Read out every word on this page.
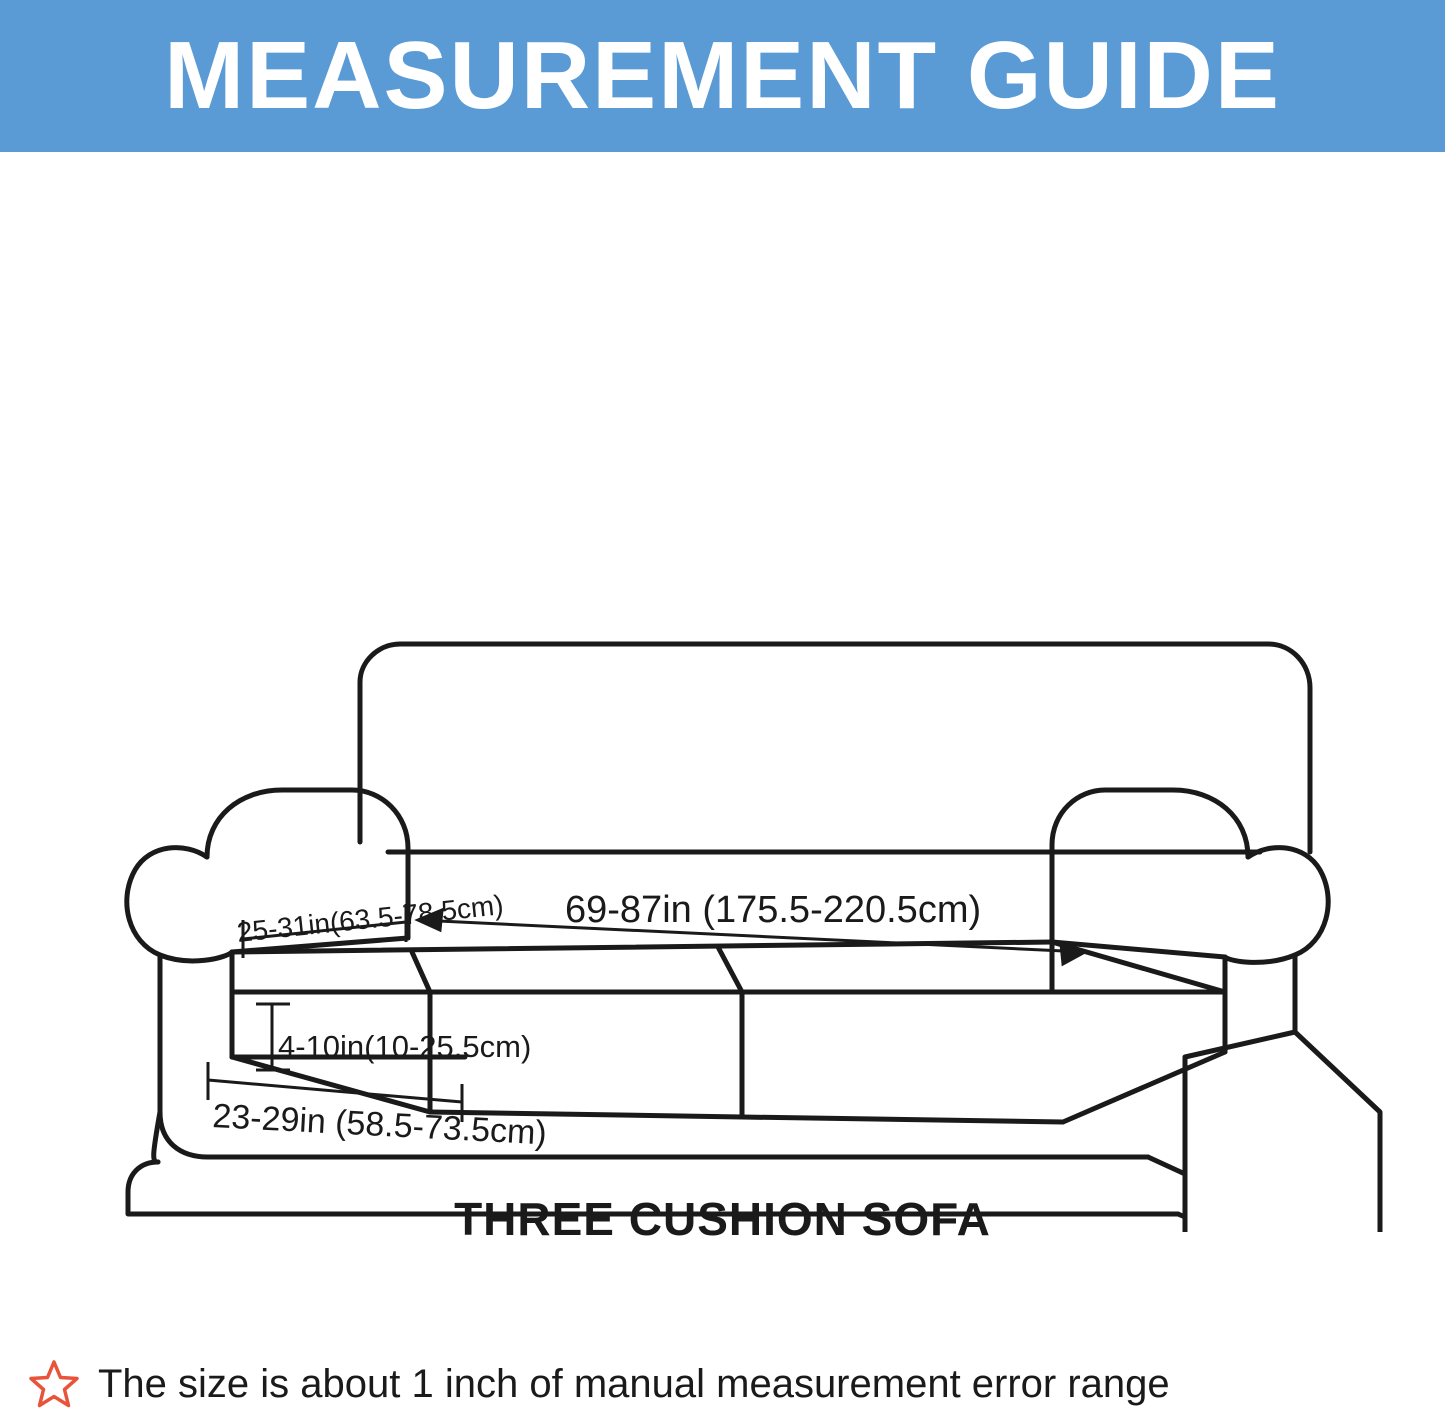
MEASUREMENT GUIDE
69-87in (175.5-220.5cm)
25-31in(63.5-78.5cm)
4-10in(10-25.5cm)
23-29in (58.5-73.5cm)
THREE CUSHION SOFA
The size is about 1 inch of manual measurement error range
